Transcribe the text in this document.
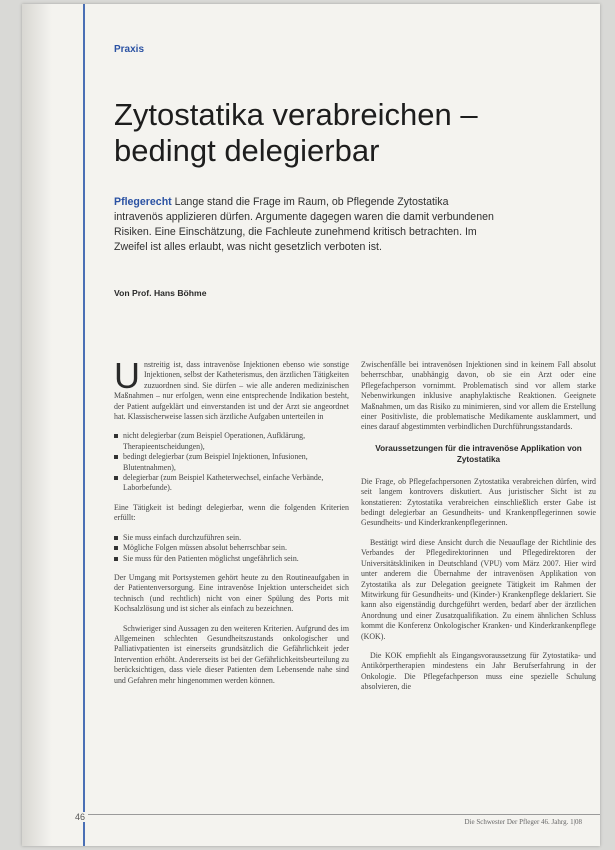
Praxis
Zytostatika verabreichen – bedingt delegierbar
Pflegerecht Lange stand die Frage im Raum, ob Pflegende Zytostatika intravenös applizieren dürfen. Argumente dagegen waren die damit verbundenen Risiken. Eine Einschätzung, die Fachleute zunehmend kritisch betrachten. Im Zweifel ist alles erlaubt, was nicht gesetzlich verboten ist.
Von Prof. Hans Böhme

Unstreitig ist, dass intravenöse Injektionen ebenso wie sonstige Injektionen, selbst der Katheterismus, den ärztlichen Tätigkeiten zuzuordnen sind. Sie dürfen – wie alle anderen medizinischen Maßnahmen – nur erfolgen, wenn eine entsprechende Indikation besteht, der Patient aufgeklärt und einverstanden ist und der Arzt sie angeordnet hat. Klassischerweise lassen sich ärztliche Aufgaben unterteilen in

nicht delegierbar (zum Beispiel Operationen, Aufklärung, Therapieentscheidungen),
bedingt delegierbar (zum Beispiel Injektionen, Infusionen, Blutentnahmen),
delegierbar (zum Beispiel Katheterwechsel, einfache Verbände, Laborbefunde).

Eine Tätigkeit ist bedingt delegierbar, wenn die folgenden Kriterien erfüllt:

Sie muss einfach durchzuführen sein.
Mögliche Folgen müssen absolut beherrschbar sein.
Sie muss für den Patienten möglichst ungefährlich sein.

Der Umgang mit Portsystemen gehört heute zu den Routineaufgaben in der Patientenversorgung. Eine intravenöse Injektion unterscheidet sich technisch (und rechtlich) nicht von einer Spülung des Ports mit Kochsalzlösung und ist sicher als einfach zu bezeichnen.

Schwieriger sind Aussagen zu den weiteren Kriterien. Aufgrund des im Allgemeinen schlechten Gesundheitszustands onkologischer und Palliativpatienten ist einerseits grundsätzlich die Gefährlichkeit jeder Intervention erhöht. Andererseits ist bei der Gefährlichkeitsbeurteilung zu berücksichtigen, dass viele dieser Patienten dem Lebensende nahe sind und Gefahren mehr hingenommen werden können.

Zwischenfälle bei intravenösen Injektionen sind in keinem Fall absolut beherrschbar, unabhängig davon, ob sie ein Arzt oder eine Pflegefachperson vornimmt. Problematisch sind vor allem starke Nebenwirkungen inklusive anaphylaktische Reaktionen. Geeignete Maßnahmen, um das Risiko zu minimieren, sind vor allem die Erstellung einer Positivliste, die problematische Medikamente ausklammert, und eines darauf abgestimmten verbindlichen Durchführungsstandards.

Voraussetzungen für die intravenöse Applikation von Zytostatika

Die Frage, ob Pflegefachpersonen Zytostatika verabreichen dürfen, wird seit langem kontrovers diskutiert. Aus juristischer Sicht ist zu konstatieren: Zytostatika verabreichen einschließlich erster Gabe ist bedingt delegierbar an Gesundheits- und Krankenpflegerinnen sowie Gesundheits- und Kinderkrankenpflegerinnen.

Bestätigt wird diese Ansicht durch die Neuauflage der Richtlinie des Verbandes der Pflegedirektorinnen und Pflegedirektoren der Universitätskliniken in Deutschland (VPU) vom März 2007. Hier wird unter anderem die Übernahme der intravenösen Applikation von Zytostatika als zur Delegation geeignete Tätigkeit im Rahmen der Mitwirkung für Gesundheits- und (Kinder-) Krankenpflege deklariert. Sie kann also eigenständig durchgeführt werden, bedarf aber der ärztlichen Anordnung und einer Zusatzqualifikation. Zu einem ähnlichen Schluss kommt die Konferenz Onkologischer Kranken- und Kinderkrankenpflege (KOK).

Die KOK empfiehlt als Eingangsvoraussetzung für Zytostatika- und Antikörpertherapien mindestens ein Jahr Berufserfahrung in der Onkologie. Die Pflegefachperson muss eine spezielle Schulung absolvieren, die

46	Die Schwester Der Pfleger 46. Jahrg. 1|08
